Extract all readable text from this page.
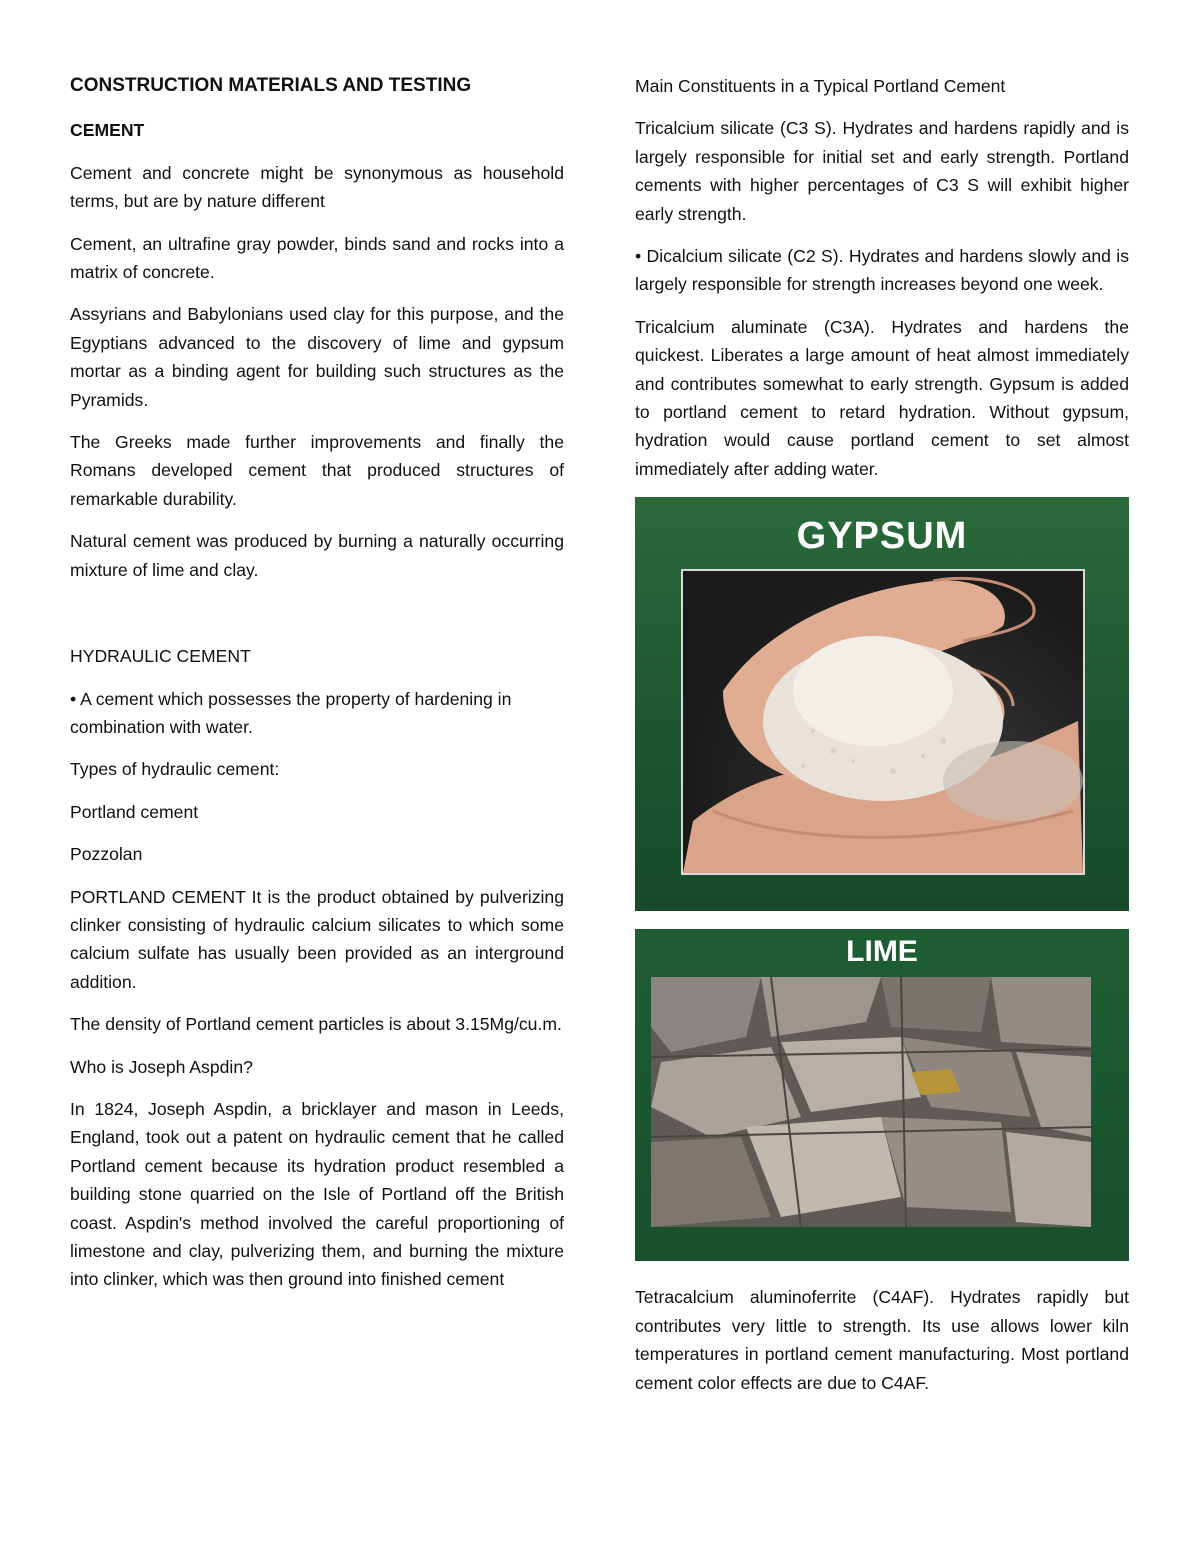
CONSTRUCTION MATERIALS AND TESTING

CEMENT

Cement and concrete might be synonymous as household terms, but are by nature different

Cement, an ultrafine gray powder, binds sand and rocks into a matrix of concrete.

Assyrians and Babylonians used clay for this purpose, and the Egyptians advanced to the discovery of lime and gypsum mortar as a binding agent for building such structures as the Pyramids.

The Greeks made further improvements and finally the Romans developed cement that produced structures of remarkable durability.

Natural cement was produced by burning a naturally occurring mixture of lime and clay.

HYDRAULIC CEMENT

• A cement which possesses the property of hardening in combination with water.

Types of hydraulic cement:

Portland cement

Pozzolan

PORTLAND CEMENT It is the product obtained by pulverizing clinker consisting of hydraulic calcium silicates to which some calcium sulfate has usually been provided as an interground addition.

The density of Portland cement particles is about 3.15Mg/cu.m.

Who is Joseph Aspdin?

In 1824, Joseph Aspdin, a bricklayer and mason in Leeds, England, took out a patent on hydraulic cement that he called Portland cement because its hydration product resembled a building stone quarried on the Isle of Portland off the British coast. Aspdin's method involved the careful proportioning of limestone and clay, pulverizing them, and burning the mixture into clinker, which was then ground into finished cement

Main Constituents in a Typical Portland Cement

Tricalcium silicate (C3 S). Hydrates and hardens rapidly and is largely responsible for initial set and early strength. Portland cements with higher percentages of C3 S will exhibit higher early strength.

• Dicalcium silicate (C2 S). Hydrates and hardens slowly and is largely responsible for strength increases beyond one week.

Tricalcium aluminate (C3A). Hydrates and hardens the quickest. Liberates a large amount of heat almost immediately and contributes somewhat to early strength. Gypsum is added to portland cement to retard hydration. Without gypsum, hydration would cause portland cement to set almost immediately after adding water.

GYPSUM
LIME

Tetracalcium aluminoferrite (C4AF). Hydrates rapidly but contributes very little to strength. Its use allows lower kiln temperatures in portland cement manufacturing. Most portland cement color effects are due to C4AF.
